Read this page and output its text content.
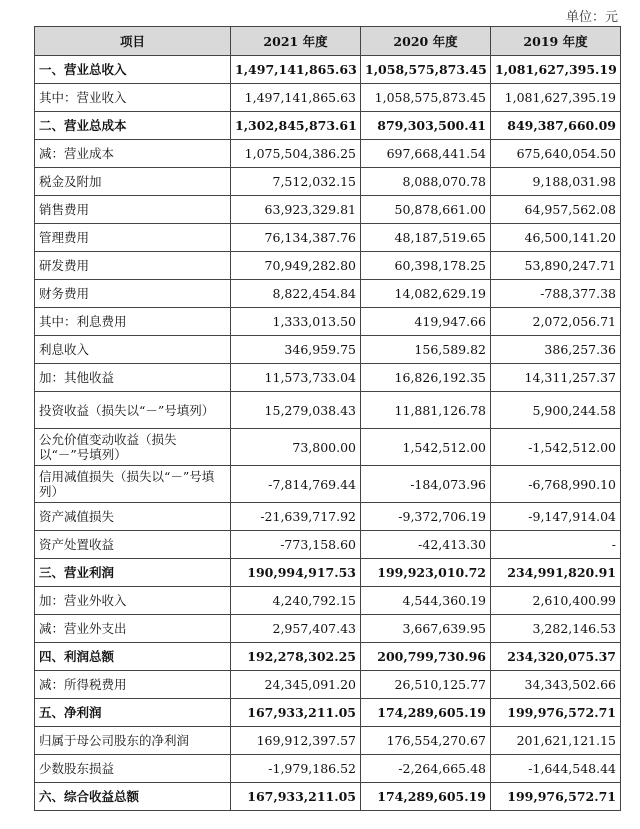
单位：元
项目	2021 年度	2020 年度	2019 年度
一、营业总收入	1,497,141,865.63	1,058,575,873.45	1,081,627,395.19
其中：营业收入	1,497,141,865.63	1,058,575,873.45	1,081,627,395.19
二、营业总成本	1,302,845,873.61	879,303,500.41	849,387,660.09
减：营业成本	1,075,504,386.25	697,668,441.54	675,640,054.50
税金及附加	7,512,032.15	8,088,070.78	9,188,031.98
销售费用	63,923,329.81	50,878,661.00	64,957,562.08
管理费用	76,134,387.76	48,187,519.65	46,500,141.20
研发费用	70,949,282.80	60,398,178.25	53,890,247.71
财务费用	8,822,454.84	14,082,629.19	-788,377.38
其中：利息费用	1,333,013.50	419,947.66	2,072,056.71
利息收入	346,959.75	156,589.82	386,257.36
加：其他收益	11,573,733.04	16,826,192.35	14,311,257.37
投资收益（损失以“－”号填列）	15,279,038.43	11,881,126.78	5,900,244.58
公允价值变动收益（损失以“－”号填列）	73,800.00	1,542,512.00	-1,542,512.00
信用减值损失（损失以“－”号填列）	-7,814,769.44	-184,073.96	-6,768,990.10
资产减值损失	-21,639,717.92	-9,372,706.19	-9,147,914.04
资产处置收益	-773,158.60	-42,413.30	-
三、营业利润	190,994,917.53	199,923,010.72	234,991,820.91
加：营业外收入	4,240,792.15	4,544,360.19	2,610,400.99
减：营业外支出	2,957,407.43	3,667,639.95	3,282,146.53
四、利润总额	192,278,302.25	200,799,730.96	234,320,075.37
减：所得税费用	24,345,091.20	26,510,125.77	34,343,502.66
五、净利润	167,933,211.05	174,289,605.19	199,976,572.71
归属于母公司股东的净利润	169,912,397.57	176,554,270.67	201,621,121.15
少数股东损益	-1,979,186.52	-2,264,665.48	-1,644,548.44
六、综合收益总额	167,933,211.05	174,289,605.19	199,976,572.71
